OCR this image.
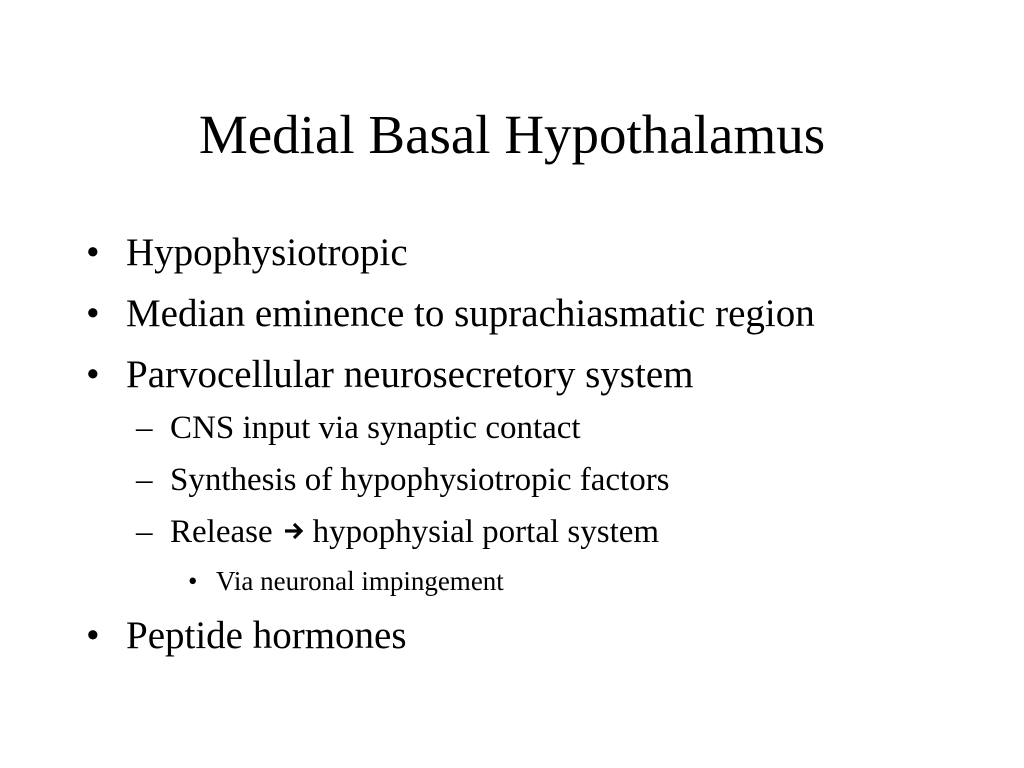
Medial Basal Hypothalamus
• Hypophysiotropic
• Median eminence to suprachiasmatic region
• Parvocellular neurosecretory system
– CNS input via synaptic contact
– Synthesis of hypophysiotropic factors
– Release hypophysial portal system
• Via neuronal impingement
• Peptide hormones
